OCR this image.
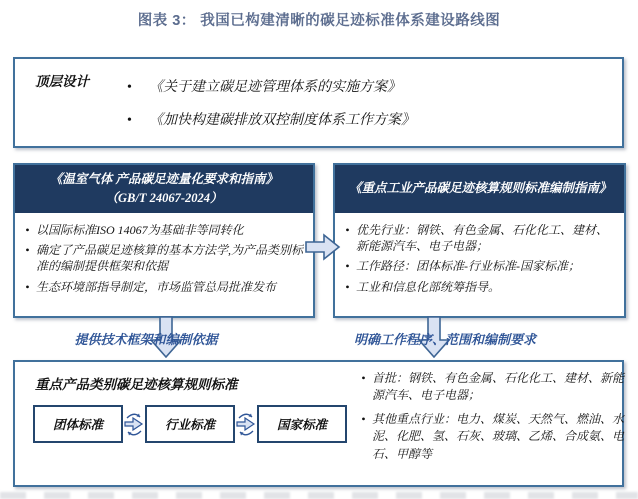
图表 3： 我国已构建清晰的碳足迹标准体系建设路线图
顶层设计	• 《关于建立碳足迹管理体系的实施方案》
• 《加快构建碳排放双控制度体系工作方案》
《温室气体 产品碳足迹量化要求和指南》
（GB/T 24067-2024）
• 以国际标准ISO 14067为基础非等同转化
• 确定了产品碳足迹核算的基本方法学,为产品类别标准的编制提供框架和依据
• 生态环境部指导制定，市场监管总局批准发布
《重点工业产品碳足迹核算规则标准编制指南》
• 优先行业：钢铁、有色金属、石化化工、建材、新能源汽车、电子电器；
• 工作路径：团体标准-行业标准-国家标准；
• 工业和信息化部统筹指导。
提供技术框架和编制依据	明确工作程序、范围和编制要求
重点产品类别碳足迹核算规则标准
团体标准	行业标准	国家标准
• 首批：钢铁、有色金属、石化化工、建材、新能源汽车、电子电器；
• 其他重点行业：电力、煤炭、天然气、燃油、水泥、化肥、氢、石灰、玻璃、乙烯、合成氨、电石、甲醇等
